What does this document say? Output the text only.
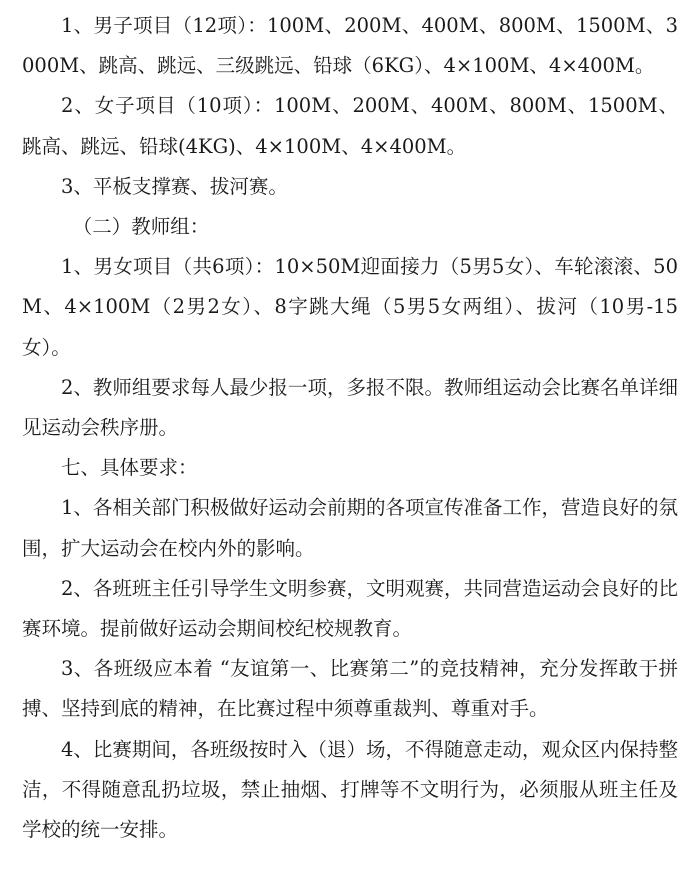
1、男子项目（12项）：100M、200M、400M、800M、1500M、3000M、跳高、跳远、三级跳远、铅球（6KG）、4×100M、4×400M。

2、女子项目（10项）：100M、200M、400M、800M、1500M、跳高、跳远、铅球(4KG)、4×100M、4×400M。

3、平板支撑赛、拔河赛。

（二）教师组：

1、男女项目（共6项）：10×50M迎面接力（5男5女）、车轮滚滚、50M、4×100M（2男2女）、8字跳大绳（5男5女两组）、拔河（10男-15女）。

2、教师组要求每人最少报一项，多报不限。教师组运动会比赛名单详细见运动会秩序册。

七、具体要求：

1、各相关部门积极做好运动会前期的各项宣传准备工作，营造良好的氛围，扩大运动会在校内外的影响。

2、各班班主任引导学生文明参赛，文明观赛，共同营造运动会良好的比赛环境。提前做好运动会期间校纪校规教育。

3、各班级应本着 “友谊第一、比赛第二”的竞技精神，充分发挥敢于拼搏、坚持到底的精神，在比赛过程中须尊重裁判、尊重对手。

4、比赛期间，各班级按时入（退）场，不得随意走动，观众区内保持整洁，不得随意乱扔垃圾，禁止抽烟、打牌等不文明行为，必须服从班主任及学校的统一安排。
